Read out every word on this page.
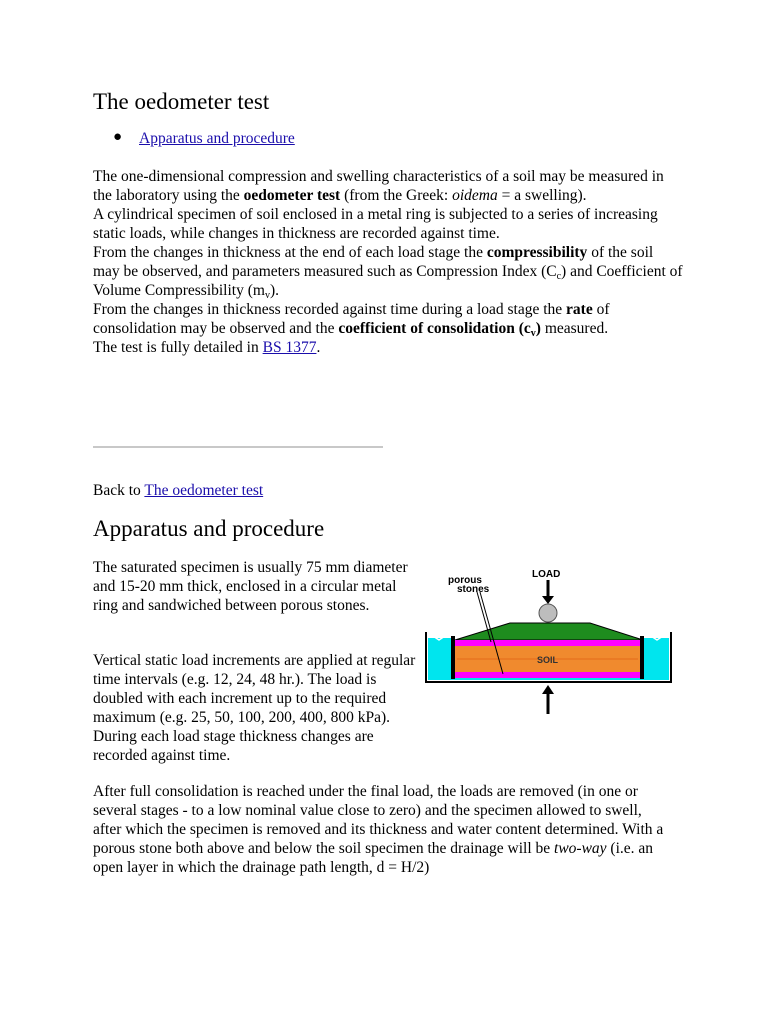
The oedometer test
● Apparatus and procedure
The one-dimensional compression and swelling characteristics of a soil may be measured in the laboratory using the oedometer test (from the Greek: oidema = a swelling).
A cylindrical specimen of soil enclosed in a metal ring is subjected to a series of increasing static loads, while changes in thickness are recorded against time.
From the changes in thickness at the end of each load stage the compressibility of the soil may be observed, and parameters measured such as Compression Index $(C_c)$ and Coefficient of Volume Compressibility $(m_v)$.
From the changes in thickness recorded against time during a load stage the rate of consolidation may be observed and the coefficient of consolidation $(c_v)$ measured.
The test is fully detailed in BS 1377.
Back to The oedometer test
Apparatus and procedure
The saturated specimen is usually 75 mm diameter and 15-20 mm thick, enclosed in a circular metal ring and sandwiched between porous stones.
Vertical static load increments are applied at regular time intervals (e.g. 12, 24, 48 hr.). The load is doubled with each increment up to the required maximum (e.g. 25, 50, 100, 200, 400, 800 kPa). During each load stage thickness changes are recorded against time.
After full consolidation is reached under the final load, the loads are removed (in one or several stages - to a low nominal value close to zero) and the specimen allowed to swell, after which the specimen is removed and its thickness and water content determined. With a porous stone both above and below the soil specimen the drainage will be two-way (i.e. an open layer in which the drainage path length, d = H/2)
LOAD
porous
stones
SOIL
